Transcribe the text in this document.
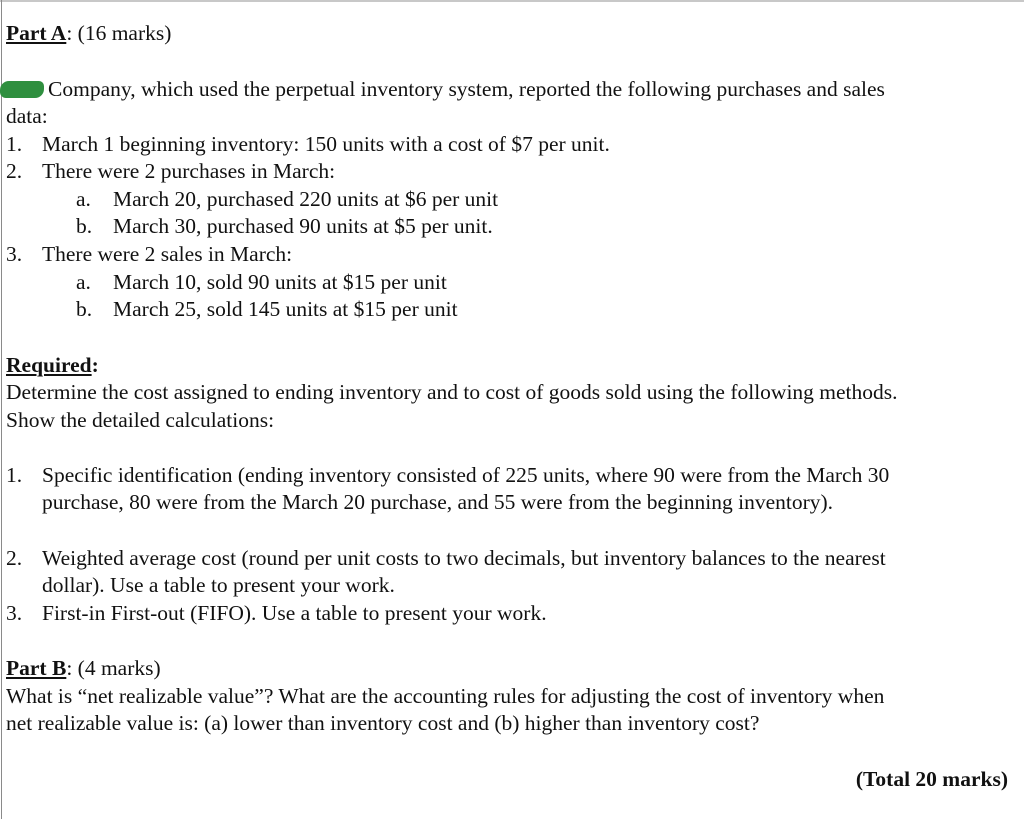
Part A: (16 marks)
Company, which used the perpetual inventory system, reported the following purchases and sales
data:
1. March 1 beginning inventory: 150 units with a cost of $7 per unit.
2. There were 2 purchases in March:
a. March 20, purchased 220 units at $6 per unit
b. March 30, purchased 90 units at $5 per unit.
3. There were 2 sales in March:
a. March 10, sold 90 units at $15 per unit
b. March 25, sold 145 units at $15 per unit
Required:
Determine the cost assigned to ending inventory and to cost of goods sold using the following methods.
Show the detailed calculations:
1. Specific identification (ending inventory consisted of 225 units, where 90 were from the March 30
purchase, 80 were from the March 20 purchase, and 55 were from the beginning inventory).
2. Weighted average cost (round per unit costs to two decimals, but inventory balances to the nearest
dollar). Use a table to present your work.
3. First-in First-out (FIFO). Use a table to present your work.
Part B: (4 marks)
What is “net realizable value”? What are the accounting rules for adjusting the cost of inventory when
net realizable value is: (a) lower than inventory cost and (b) higher than inventory cost?
(Total 20 marks)
